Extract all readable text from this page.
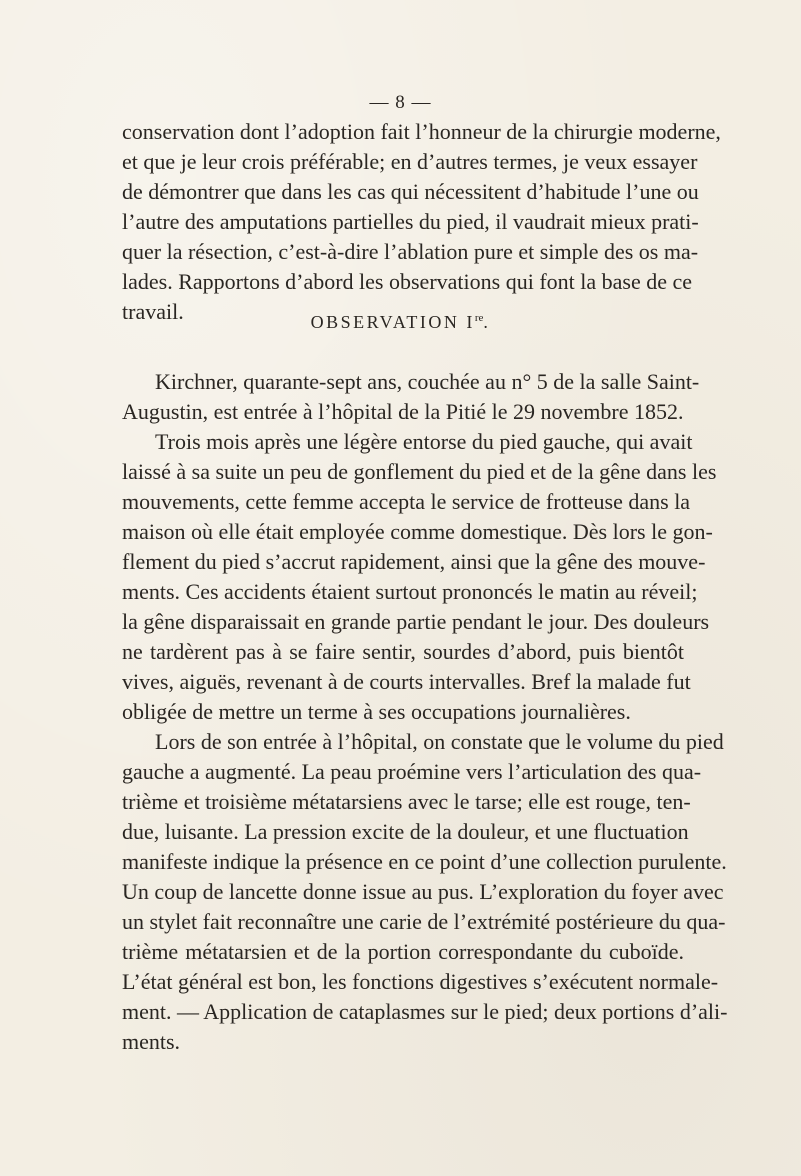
— 8 —
conservation dont l’adoption fait l’honneur de la chirurgie moderne,
et que je leur crois préférable; en d’autres termes, je veux essayer
de démontrer que dans les cas qui nécessitent d’habitude l’une ou
l’autre des amputations partielles du pied, il vaudrait mieux prati-
quer la résection, c’est-à-dire l’ablation pure et simple des os ma-
lades. Rapportons d’abord les observations qui font la base de ce
travail.	OBSERVATION Ire.
Kirchner, quarante-sept ans, couchée au n° 5 de la salle Saint-
Augustin, est entrée à l’hôpital de la Pitié le 29 novembre 1852.
Trois mois après une légère entorse du pied gauche, qui avait
laissé à sa suite un peu de gonflement du pied et de la gêne dans les
mouvements, cette femme accepta le service de frotteuse dans la
maison où elle était employée comme domestique. Dès lors le gon-
flement du pied s’accrut rapidement, ainsi que la gêne des mouve-
ments. Ces accidents étaient surtout prononcés le matin au réveil;
la gêne disparaissait en grande partie pendant le jour. Des douleurs
ne tardèrent pas à se faire sentir, sourdes d’abord, puis bientôt
vives, aiguës, revenant à de courts intervalles. Bref la malade fut
obligée de mettre un terme à ses occupations journalières.
Lors de son entrée à l’hôpital, on constate que le volume du pied
gauche a augmenté. La peau proémine vers l’articulation des qua-
trième et troisième métatarsiens avec le tarse; elle est rouge, ten-
due, luisante. La pression excite de la douleur, et une fluctuation
manifeste indique la présence en ce point d’une collection purulente.
Un coup de lancette donne issue au pus. L’exploration du foyer avec
un stylet fait reconnaître une carie de l’extrémité postérieure du qua-
trième métatarsien et de la portion correspondante du cuboïde.
L’état général est bon, les fonctions digestives s’exécutent normale-
ment. — Application de cataplasmes sur le pied; deux portions d’ali-
ments.
